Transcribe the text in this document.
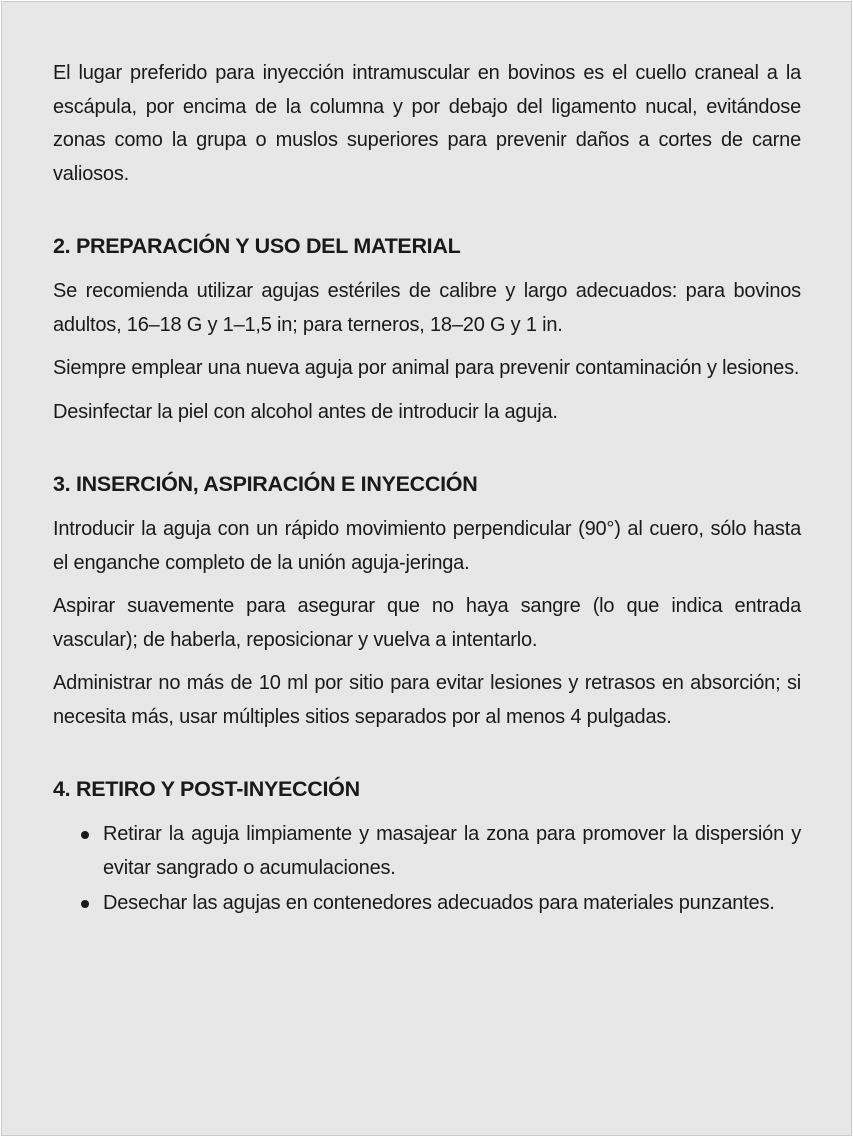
El lugar preferido para inyección intramuscular en bovinos es el cuello craneal a la escápula, por encima de la columna y por debajo del ligamento nucal, evitándose zonas como la grupa o muslos superiores para prevenir daños a cortes de carne valiosos.

2. PREPARACIÓN Y USO DEL MATERIAL

Se recomienda utilizar agujas estériles de calibre y largo adecuados: para bovinos adultos, 16–18 G y 1–1,5 in; para terneros, 18–20 G y 1 in.

Siempre emplear una nueva aguja por animal para prevenir contaminación y lesiones.

Desinfectar la piel con alcohol antes de introducir la aguja.

3. INSERCIÓN, ASPIRACIÓN E INYECCIÓN

Introducir la aguja con un rápido movimiento perpendicular (90°) al cuero, sólo hasta el enganche completo de la unión aguja-jeringa.

Aspirar suavemente para asegurar que no haya sangre (lo que indica entrada vascular); de haberla, reposicionar y vuelva a intentarlo.

Administrar no más de 10 ml por sitio para evitar lesiones y retrasos en absorción; si necesita más, usar múltiples sitios separados por al menos 4 pulgadas.

4. RETIRO Y POST-INYECCIÓN
Retirar la aguja limpiamente y masajear la zona para promover la dispersión y evitar sangrado o acumulaciones.
Desechar las agujas en contenedores adecuados para materiales punzantes.
